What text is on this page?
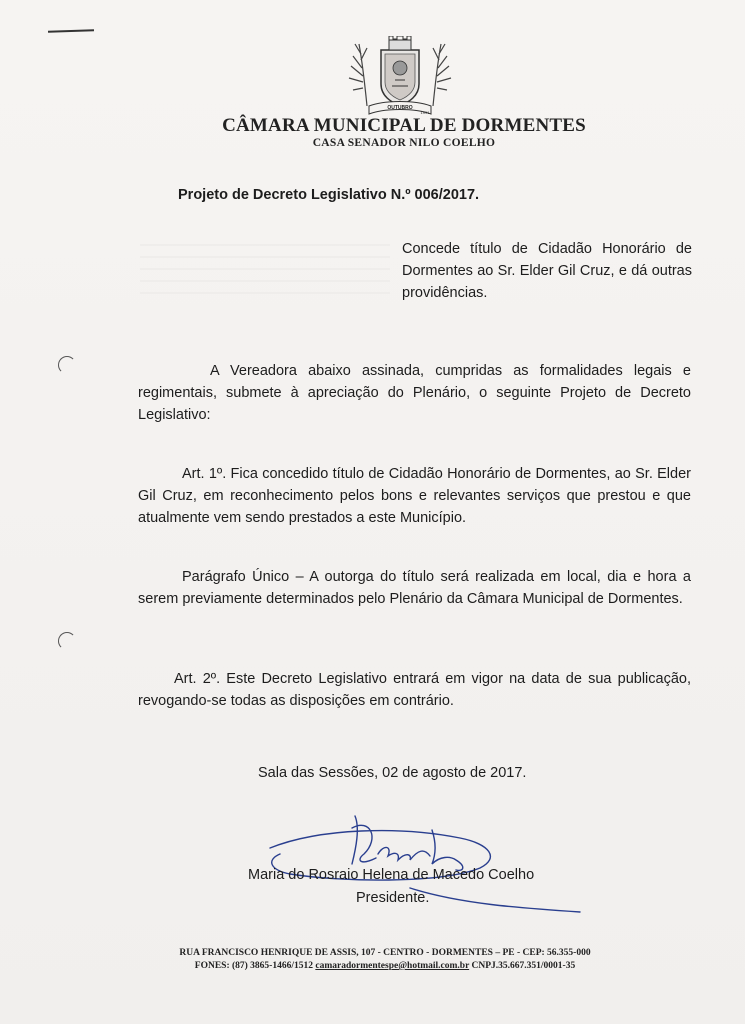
OUTUBRO
1991
CÂMARA MUNICIPAL DE DORMENTES
CASA SENADOR NILO COELHO
Projeto de Decreto Legislativo N.º 006/2017.
Concede título de Cidadão Honorário de Dormentes ao Sr. Elder Gil Cruz, e dá outras providências.
A Vereadora abaixo assinada, cumpridas as formalidades legais e regimentais, submete à apreciação do Plenário, o seguinte Projeto de Decreto Legislativo:
Art. 1º. Fica concedido título de Cidadão Honorário de Dormentes, ao Sr. Elder Gil Cruz, em reconhecimento pelos bons e relevantes serviços que prestou e que atualmente vem sendo prestados a este Município.
Parágrafo Único – A outorga do título será realizada em local, dia e hora a serem previamente determinados pelo Plenário da Câmara Municipal de Dormentes.
Art. 2º. Este Decreto Legislativo entrará em vigor na data de sua publicação, revogando-se todas as disposições em contrário.
Sala das Sessões, 02 de agosto de 2017.
Maria do Rosraio Helena de Macedo Coelho
Presidente.
RUA FRANCISCO HENRIQUE DE ASSIS, 107 - CENTRO - DORMENTES – PE - CEP: 56.355-000
FONES: (87) 3865-1466/1512 camaradormentespe@hotmail.com.br CNPJ.35.667.351/0001-35
